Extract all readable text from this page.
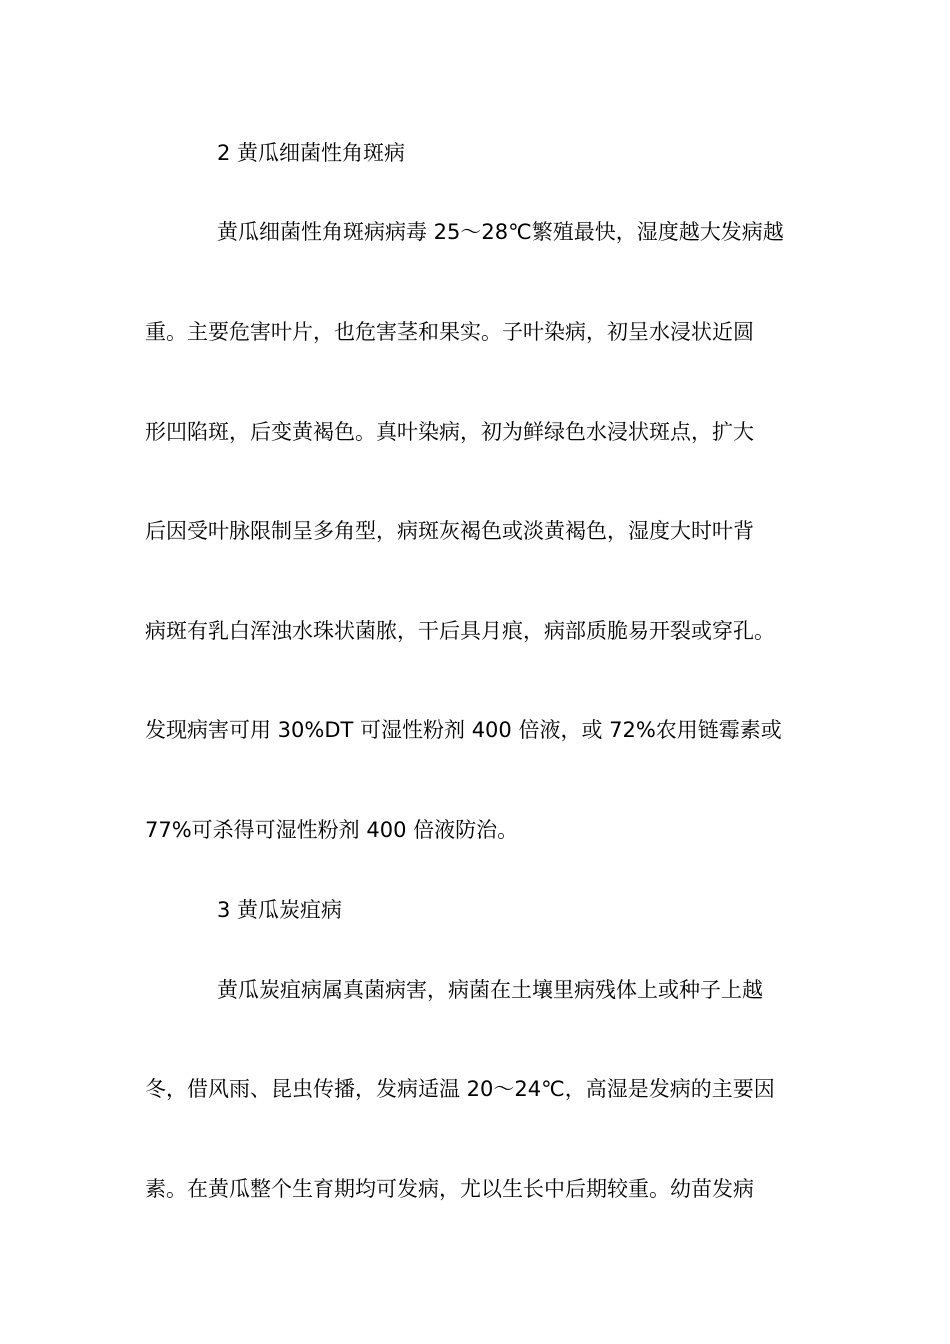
2 黄瓜细菌性角斑病
黄瓜细菌性角斑病病毒 25～28℃繁殖最快，湿度越大发病越
重。主要危害叶片，也危害茎和果实。子叶染病，初呈水浸状近圆
形凹陷斑，后变黄褐色。真叶染病，初为鲜绿色水浸状斑点，扩大
后因受叶脉限制呈多角型，病斑灰褐色或淡黄褐色，湿度大时叶背
病斑有乳白浑浊水珠状菌脓，干后具月痕，病部质脆易开裂或穿孔。
发现病害可用 30%DT 可湿性粉剂 400 倍液，或 72%农用链霉素或
77%可杀得可湿性粉剂 400 倍液防治。
3 黄瓜炭疽病
黄瓜炭疽病属真菌病害，病菌在土壤里病残体上或种子上越
冬，借风雨、昆虫传播，发病适温 20～24℃，高湿是发病的主要因
素。在黄瓜整个生育期均可发病，尤以生长中后期较重。幼苗发病
